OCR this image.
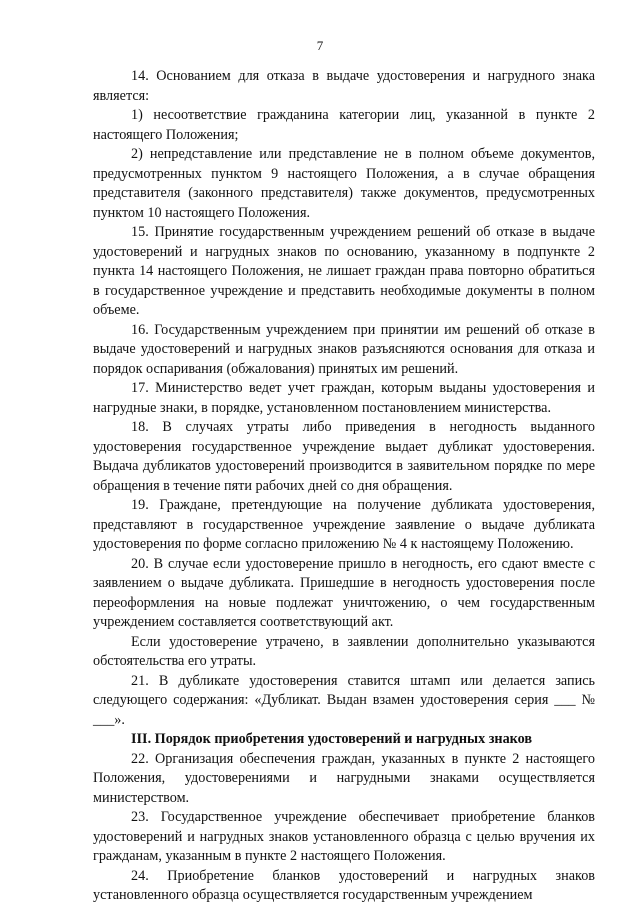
7

14. Основанием для отказа в выдаче удостоверения и нагрудного знака является:

1) несоответствие гражданина категории лиц, указанной в пункте 2 настоящего Положения;

2) непредставление или представление не в полном объеме документов, предусмотренных пунктом 9 настоящего Положения, а в случае обращения представителя (законного представителя) также документов, предусмотренных пунктом 10 настоящего Положения.

15. Принятие государственным учреждением решений об отказе в выдаче удостоверений и нагрудных знаков по основанию, указанному в подпункте 2 пункта 14 настоящего Положения, не лишает граждан права повторно обратиться в государственное учреждение и представить необходимые документы в полном объеме.

16. Государственным учреждением при принятии им решений об отказе в выдаче удостоверений и нагрудных знаков разъясняются основания для отказа и порядок оспаривания (обжалования) принятых им решений.

17. Министерство ведет учет граждан, которым выданы удостоверения и нагрудные знаки, в порядке, установленном постановлением министерства.

18. В случаях утраты либо приведения в негодность выданного удостоверения государственное учреждение выдает дубликат удостоверения. Выдача дубликатов удостоверений производится в заявительном порядке по мере обращения в течение пяти рабочих дней со дня обращения.

19. Граждане, претендующие на получение дубликата удостоверения, представляют в государственное учреждение заявление о выдаче дубликата удостоверения по форме согласно приложению № 4 к настоящему Положению.

20. В случае если удостоверение пришло в негодность, его сдают вместе с заявлением о выдаче дубликата. Пришедшие в негодность удостоверения после переоформления на новые подлежат уничтожению, о чем государственным учреждением составляется соответствующий акт.

Если удостоверение утрачено, в заявлении дополнительно указываются обстоятельства его утраты.

21. В дубликате удостоверения ставится штамп или делается запись следующего содержания: «Дубликат. Выдан взамен удостоверения серия ___ № ___».

III. Порядок приобретения удостоверений и нагрудных знаков

22. Организация обеспечения граждан, указанных в пункте 2 настоящего Положения, удостоверениями и нагрудными знаками осуществляется министерством.

23. Государственное учреждение обеспечивает приобретение бланков удостоверений и нагрудных знаков установленного образца с целью вручения их гражданам, указанным в пункте 2 настоящего Положения.

24. Приобретение бланков удостоверений и нагрудных знаков установленного образца осуществляется государственным учреждением
